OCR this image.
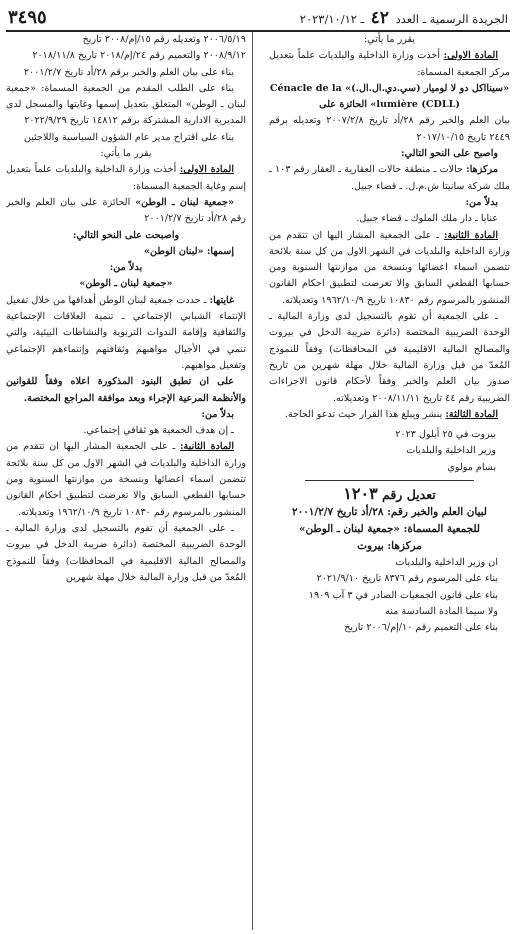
الجريدة الرسمية ـ العدد ٤٢ ـ ٢٠٢٣/١٠/١٢
٣٤٩٥

يقرر ما يأتي:

المادة الاولى: أخذت وزارة الداخلية والبلديات علماً بتعديل مركز الجمعية المسماة:

«سينااكل دو لا لوميار (سي.دي.ال.ال.)» Cénacle de la lumière (CDLL)» الحائزة على

بيان العلم والخبر رقم ٢٨/أد تاريخ ٢٠٠٧/٢/٨ وتعديله برقم ٢٤٤٩ تاريخ ٢٠١٧/١٠/١٥

واصبح على النحو التالي:

مركزها: حالات ـ منطقة حالات العقارية ـ العقار رقم ١٠٣ ـ ملك شركة سانيتا ش.م.ل. ـ قضاء جبيل.

بدلاً من:

عنايا ـ دار ملك الملوك ـ قضاء جبيل.

المادة الثانية: ـ على الجمعية المشار اليها ان تتقدم من وزارة الداخلية والبلديات في الشهر الاول من كل سنة بلائحة تتضمن اسماء اعضائها وبنسخة من موازنتها السنوية ومن حسابها القطعي السابق والا تعرضت لتطبيق احكام القانون المنشور بالمرسوم رقم ١٠٨٣٠ تاريخ ١٩٦٢/١٠/٩ وتعديلاته.

ـ على الجمعية أن تقوم بالتسجيل لدى وزارة المالية ـ الوحدة الضريبية المختصة (دائرة ضريبة الدخل في بيروت والمصالح المالية الاقليمية في المحافظات) وفقاً للنموذج المُعدّ من قبل وزارة المالية خلال مهلة شهرين من تاريخ صدور بيان العلم والخبر وفقاً لأحكام قانون الاجراءات الضريبية رقم ٤٤ تاريخ ٢٠٠٨/١١/١١ وتعديلاته.

المادة الثالثة: ينشر ويبلغ هذا القرار حيث تدعو الحاجة.

بيروت في ٢٥ أيلول ٢٠٢٣

وزير الداخلية والبلديات

بسام مولوي

تعديل رقم ١٢٠٣

لبيان العلم والخبر رقم: ٢٨/أد تاريخ ٢٠٠١/٢/٧

للجمعية المسماة: «جمعية لبنان ـ الوطن»

مركزها: بيروت

ان وزير الداخلية والبلديات

بناء على المرسوم رقم ٨٣٧٦ تاريخ ٢٠٢١/٩/١٠

بناء على قانون الجمعيات الصادر في ٣ آب ١٩٠٩

ولا سيما المادة السادسة منه

بناء على التعميم رقم ١٠/إم/٢٠٠٦ تاريخ

٢٠٠٦/٥/١٩ وتعديله رقم ١٥/إم/٢٠٠٨ تاريخ

٢٠٠٨/٩/١٢ والتعميم رقم ٢٤/إم/٢٠١٨ تاريخ ٢٠١٨/١١/٨

بناء على بيان العلم والخبر برقم ٢٨/أد تاريخ ٢٠٠١/٢/٧

بناء على الطلب المقدم من الجمعية المسماة: «جمعية لبنان ـ الوطن» المتعلق بتعديل إسمها وغايتها والمسجل لدى المديرية الادارية المشتركة برقم ١٤٨١٢ تاريخ ٢٠٢٢/٩/٢٩

بناء على اقتراح مدير عام الشؤون السياسية واللاجئين

يقرر ما يأتي:

المادة الاولى: أخذت وزارة الداخلية والبلديات علماً بتعديل إسم وغاية الجمعية المسماة:

«جمعية لبنان ـ الوطن» الحائزة على بيان العلم والخبر رقم ٢٨/أد تاريخ ٢٠٠١/٢/٧

واصبحت على النحو التالي:

إسمها: «لبنان الوطن»

بدلاً من:

«جمعية لبنان ـ الوطن»

غايتها: ـ حددت جمعية لبنان الوطن أهدافها من خلال تفعيل الإنتماء الشبابي الإجتماعي ـ تنمية العلاقات الإجتماعية والثقافية وإقامة الندوات التربوية والنشاطات البيئية، والتي تنمي في الأجيال مواهبهم وثقافتهم وإنتماءهم الإجتماعي وتفعيل مواهبهم.

على ان تطبق البنود المذكورة اعلاه وفقاً للقوانين والأنظمة المرعية الإجراء وبعد موافقة المراجع المختصة.

بدلاً من:

ـ إن هدف الجمعية هو ثقافي إجتماعي.

المادة الثانية: ـ على الجمعية المشار اليها ان تتقدم من وزارة الداخلية والبلديات في الشهر الاول من كل سنة بلائحة تتضمن اسماء اعضائها وبنسخة من موازنتها السنوية ومن حسابها القطعي السابق والا تعرضت لتطبيق احكام القانون المنشور بالمرسوم رقم ١٠٨٣٠ تاريخ ١٩٦٢/١٠/٩ وتعديلاته.

ـ على الجمعية أن تقوم بالتسجيل لدى وزارة المالية ـ الوحدة الضريبية المختصة (دائرة ضريبة الدخل في بيروت والمصالح المالية الاقليمية في المحافظات) وفقاً للنموذج المُعدّ من قبل وزارة المالية خلال مهلة شهرين
